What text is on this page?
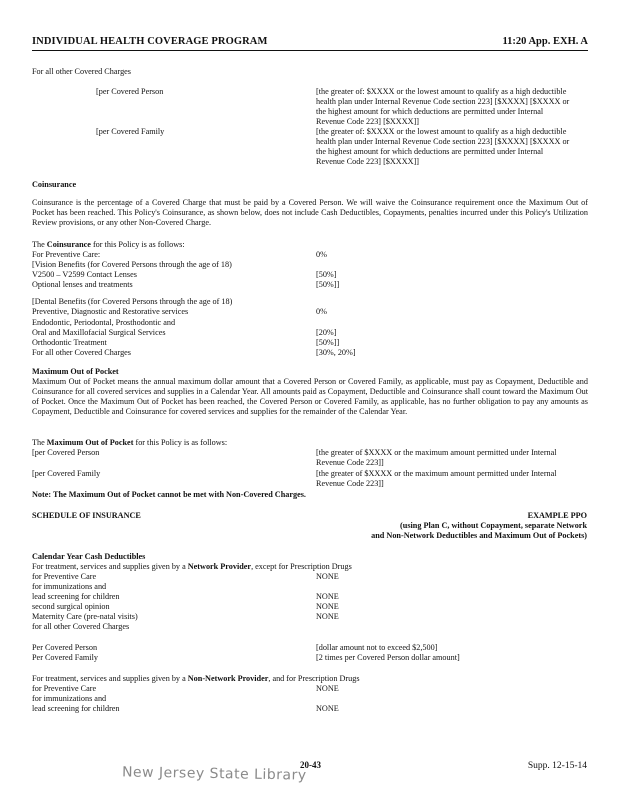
INDIVIDUAL HEALTH COVERAGE PROGRAM	11:20 App. EXH. A
For all other Covered Charges
[per Covered Person	[the greater of: $XXXX or the lowest amount to qualify as a high deductible
health plan under Internal Revenue Code section 223] [$XXXX] [$XXXX or
the highest amount for which deductions are permitted under Internal
Revenue Code 223] [$XXXX]]
[per Covered Family	[the greater of: $XXXX or the lowest amount to qualify as a high deductible
health plan under Internal Revenue Code section 223] [$XXXX] [$XXXX or
the highest amount for which deductions are permitted under Internal
Revenue Code 223] [$XXXX]]
Coinsurance
Coinsurance is the percentage of a Covered Charge that must be paid by a Covered Person. We will waive the Coinsurance requirement once the Maximum Out of Pocket has been reached. This Policy's Coinsurance, as shown below, does not include Cash Deductibles, Copayments, penalties incurred under this Policy's Utilization Review provisions, or any other Non-Covered Charge.
The Coinsurance for this Policy is as follows:
For Preventive Care:	0%
[Vision Benefits (for Covered Persons through the age of 18)
V2500 – V2599 Contact Lenses	[50%]
Optional lenses and treatments	[50%]]
[Dental Benefits (for Covered Persons through the age of 18)
Preventive, Diagnostic and Restorative services	0%
Endodontic, Periodontal, Prosthodontic and
Oral and Maxillofacial Surgical Services	[20%]
Orthodontic Treatment	[50%]]
For all other Covered Charges	[30%, 20%]
Maximum Out of Pocket
Maximum Out of Pocket means the annual maximum dollar amount that a Covered Person or Covered Family, as applicable, must pay as Copayment, Deductible and Coinsurance for all covered services and supplies in a Calendar Year. All amounts paid as Copayment, Deductible and Coinsurance shall count toward the Maximum Out of Pocket. Once the Maximum Out of Pocket has been reached, the Covered Person or Covered Family, as applicable, has no further obligation to pay any amounts as Copayment, Deductible and Coinsurance for covered services and supplies for the remainder of the Calendar Year.
The Maximum Out of Pocket for this Policy is as follows:
[per Covered Person	[the greater of $XXXX or the maximum amount permitted under Internal
Revenue Code 223]]
[per Covered Family	[the greater of $XXXX or the maximum amount permitted under Internal
Revenue Code 223]]
Note: The Maximum Out of Pocket cannot be met with Non-Covered Charges.
SCHEDULE OF INSURANCE	EXAMPLE PPO
(using Plan C, without Copayment, separate Network
and Non-Network Deductibles and Maximum Out of Pockets)
Calendar Year Cash Deductibles
For treatment, services and supplies given by a Network Provider, except for Prescription Drugs
for Preventive Care	NONE
for immunizations and
lead screening for children	NONE
second surgical opinion	NONE
Maternity Care (pre-natal visits)	NONE
for all other Covered Charges
Per Covered Person	[dollar amount not to exceed $2,500]
Per Covered Family	[2 times per Covered Person dollar amount]
For treatment, services and supplies given by a Non-Network Provider, and for Prescription Drugs
for Preventive Care	NONE
for immunizations and
lead screening for children	NONE
20-43	Supp. 12-15-14
New Jersey State Library
